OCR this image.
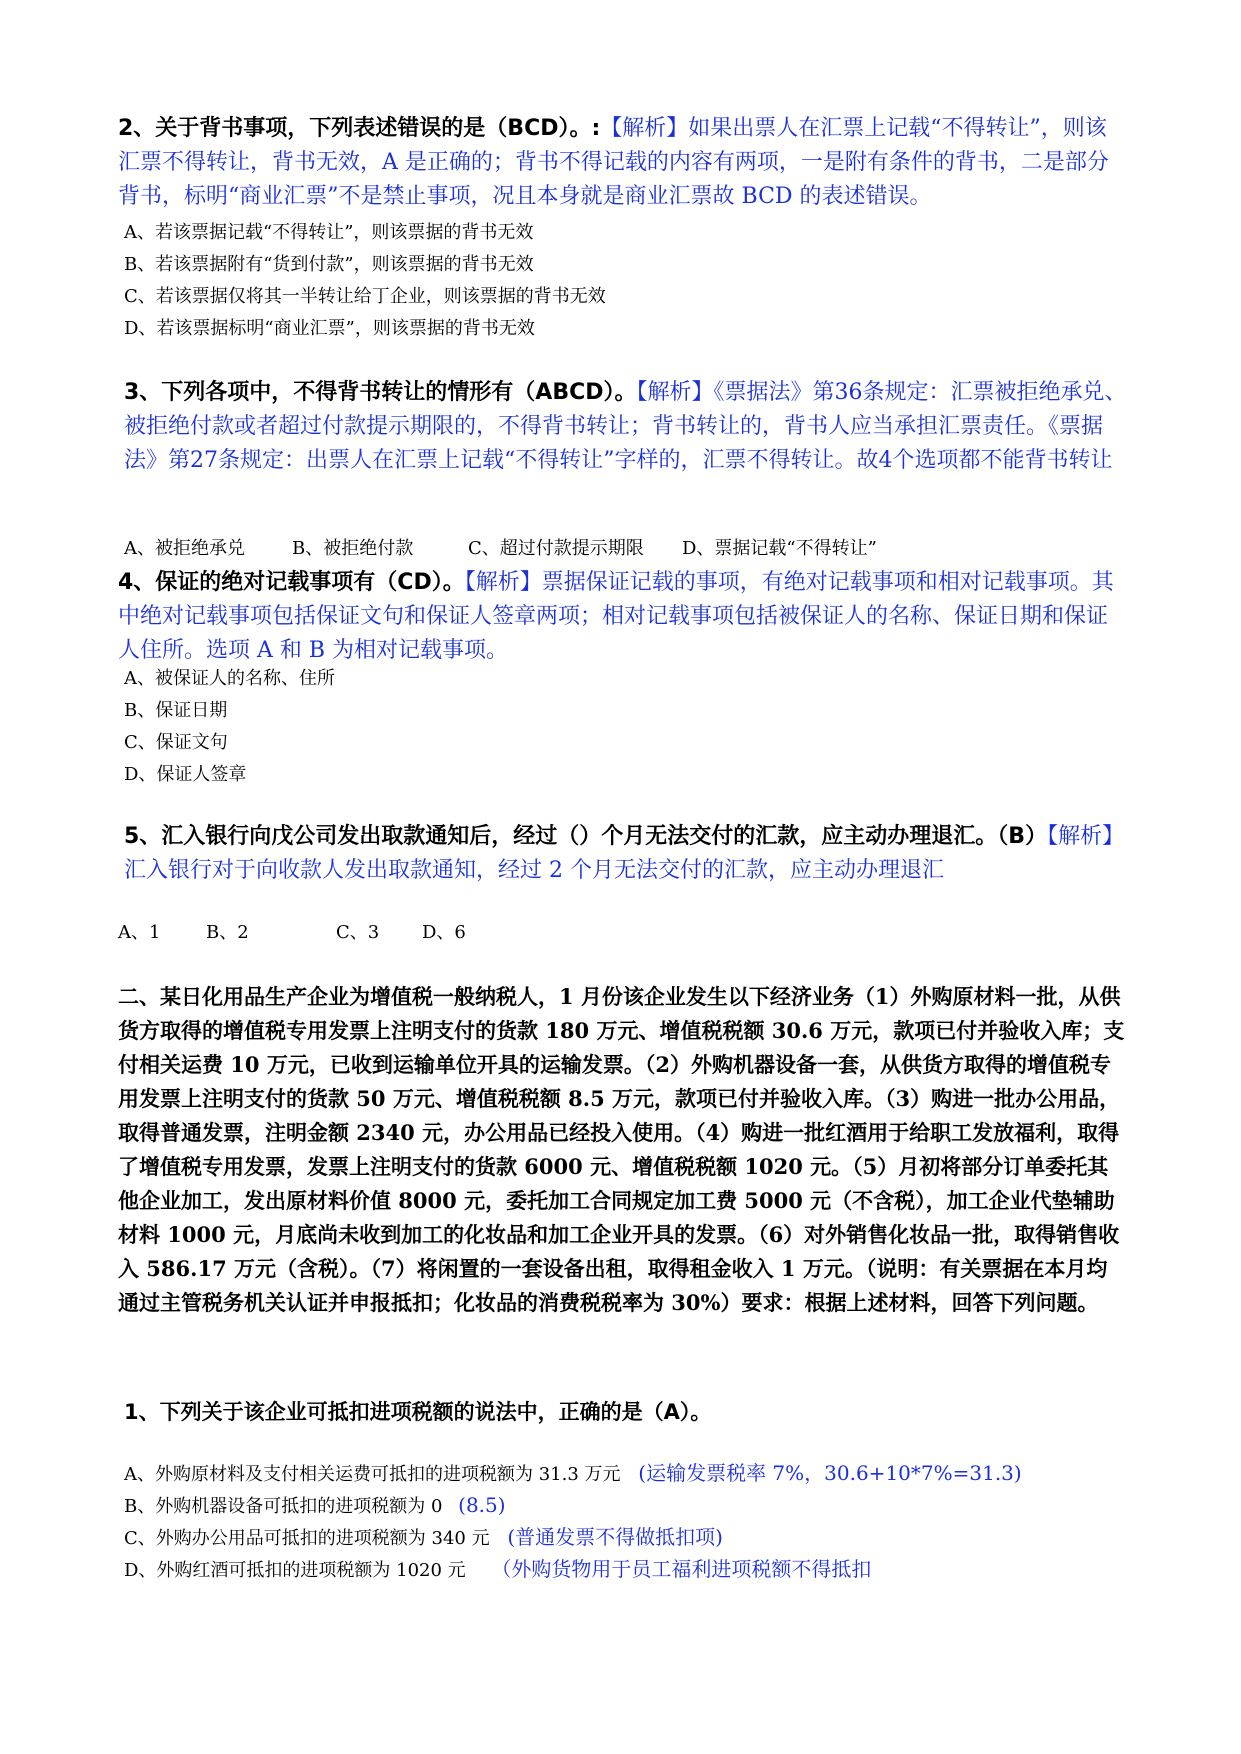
2、关于背书事项，下列表述错误的是（BCD）。:【解析】如果出票人在汇票上记载“不得转让”，则该汇票不得转让，背书无效，A 是正确的；背书不得记载的内容有两项，一是附有条件的背书，二是部分背书，标明“商业汇票”不是禁止事项，况且本身就是商业汇票故 BCD 的表述错误。
A、若该票据记载“不得转让”，则该票据的背书无效
B、若该票据附有“货到付款”，则该票据的背书无效
C、若该票据仅将其一半转让给丁企业，则该票据的背书无效
D、若该票据标明“商业汇票”，则该票据的背书无效
3、下列各项中，不得背书转让的情形有（ABCD）。【解析】《票据法》第36条规定：汇票被拒绝承兑、被拒绝付款或者超过付款提示期限的，不得背书转让；背书转让的，背书人应当承担汇票责任。《票据法》第27条规定：出票人在汇票上记载“不得转让”字样的，汇票不得转让。故4个选项都不能背书转让
A、被拒绝承兑	B、被拒绝付款	C、超过付款提示期限 D、票据记载“不得转让”
4、保证的绝对记载事项有（CD）。【解析】票据保证记载的事项，有绝对记载事项和相对记载事项。其中绝对记载事项包括保证文句和保证人签章两项；相对记载事项包括被保证人的名称、保证日期和保证人住所。选项 A 和 B 为相对记载事项。
A、被保证人的名称、住所
B、保证日期
C、保证文句
D、保证人签章
5、汇入银行向戊公司发出取款通知后，经过（）个月无法交付的汇款，应主动办理退汇。（B）【解析】汇入银行对于向收款人发出取款通知，经过 2 个月无法交付的汇款，应主动办理退汇
A、1	B、2	C、3 D、6
二、某日化用品生产企业为增值税一般纳税人，1 月份该企业发生以下经济业务（1）外购原材料一批，从供货方取得的增值税专用发票上注明支付的货款 180 万元、增值税税额 30.6 万元，款项已付并验收入库；支付相关运费 10 万元，已收到运输单位开具的运输发票。（2）外购机器设备一套，从供货方取得的增值税专用发票上注明支付的货款 50 万元、增值税税额 8.5 万元，款项已付并验收入库。（3）购进一批办公用品，取得普通发票，注明金额 2340 元，办公用品已经投入使用。（4）购进一批红酒用于给职工发放福利，取得了增值税专用发票，发票上注明支付的货款 6000 元、增值税税额 1020 元。（5）月初将部分订单委托其他企业加工，发出原材料价值 8000 元，委托加工合同规定加工费 5000 元（不含税），加工企业代垫辅助材料 1000 元，月底尚未收到加工的化妆品和加工企业开具的发票。（6）对外销售化妆品一批，取得销售收入 586.17 万元（含税）。（7）将闲置的一套设备出租，取得租金收入 1 万元。（说明：有关票据在本月均通过主管税务机关认证并申报抵扣；化妆品的消费税税率为 30%）要求：根据上述材料，回答下列问题。
1、下列关于该企业可抵扣进项税额的说法中，正确的是（A）。
A、外购原材料及支付相关运费可抵扣的进项税额为 31.3 万元 (运输发票税率 7%，30.6+10*7%=31.3)
B、外购机器设备可抵扣的进项税额为 0 (8.5)
C、外购办公用品可抵扣的进项税额为 340 元 (普通发票不得做抵扣项)
D、外购红酒可抵扣的进项税额为 1020 元 （外购货物用于员工福利进项税额不得抵扣
